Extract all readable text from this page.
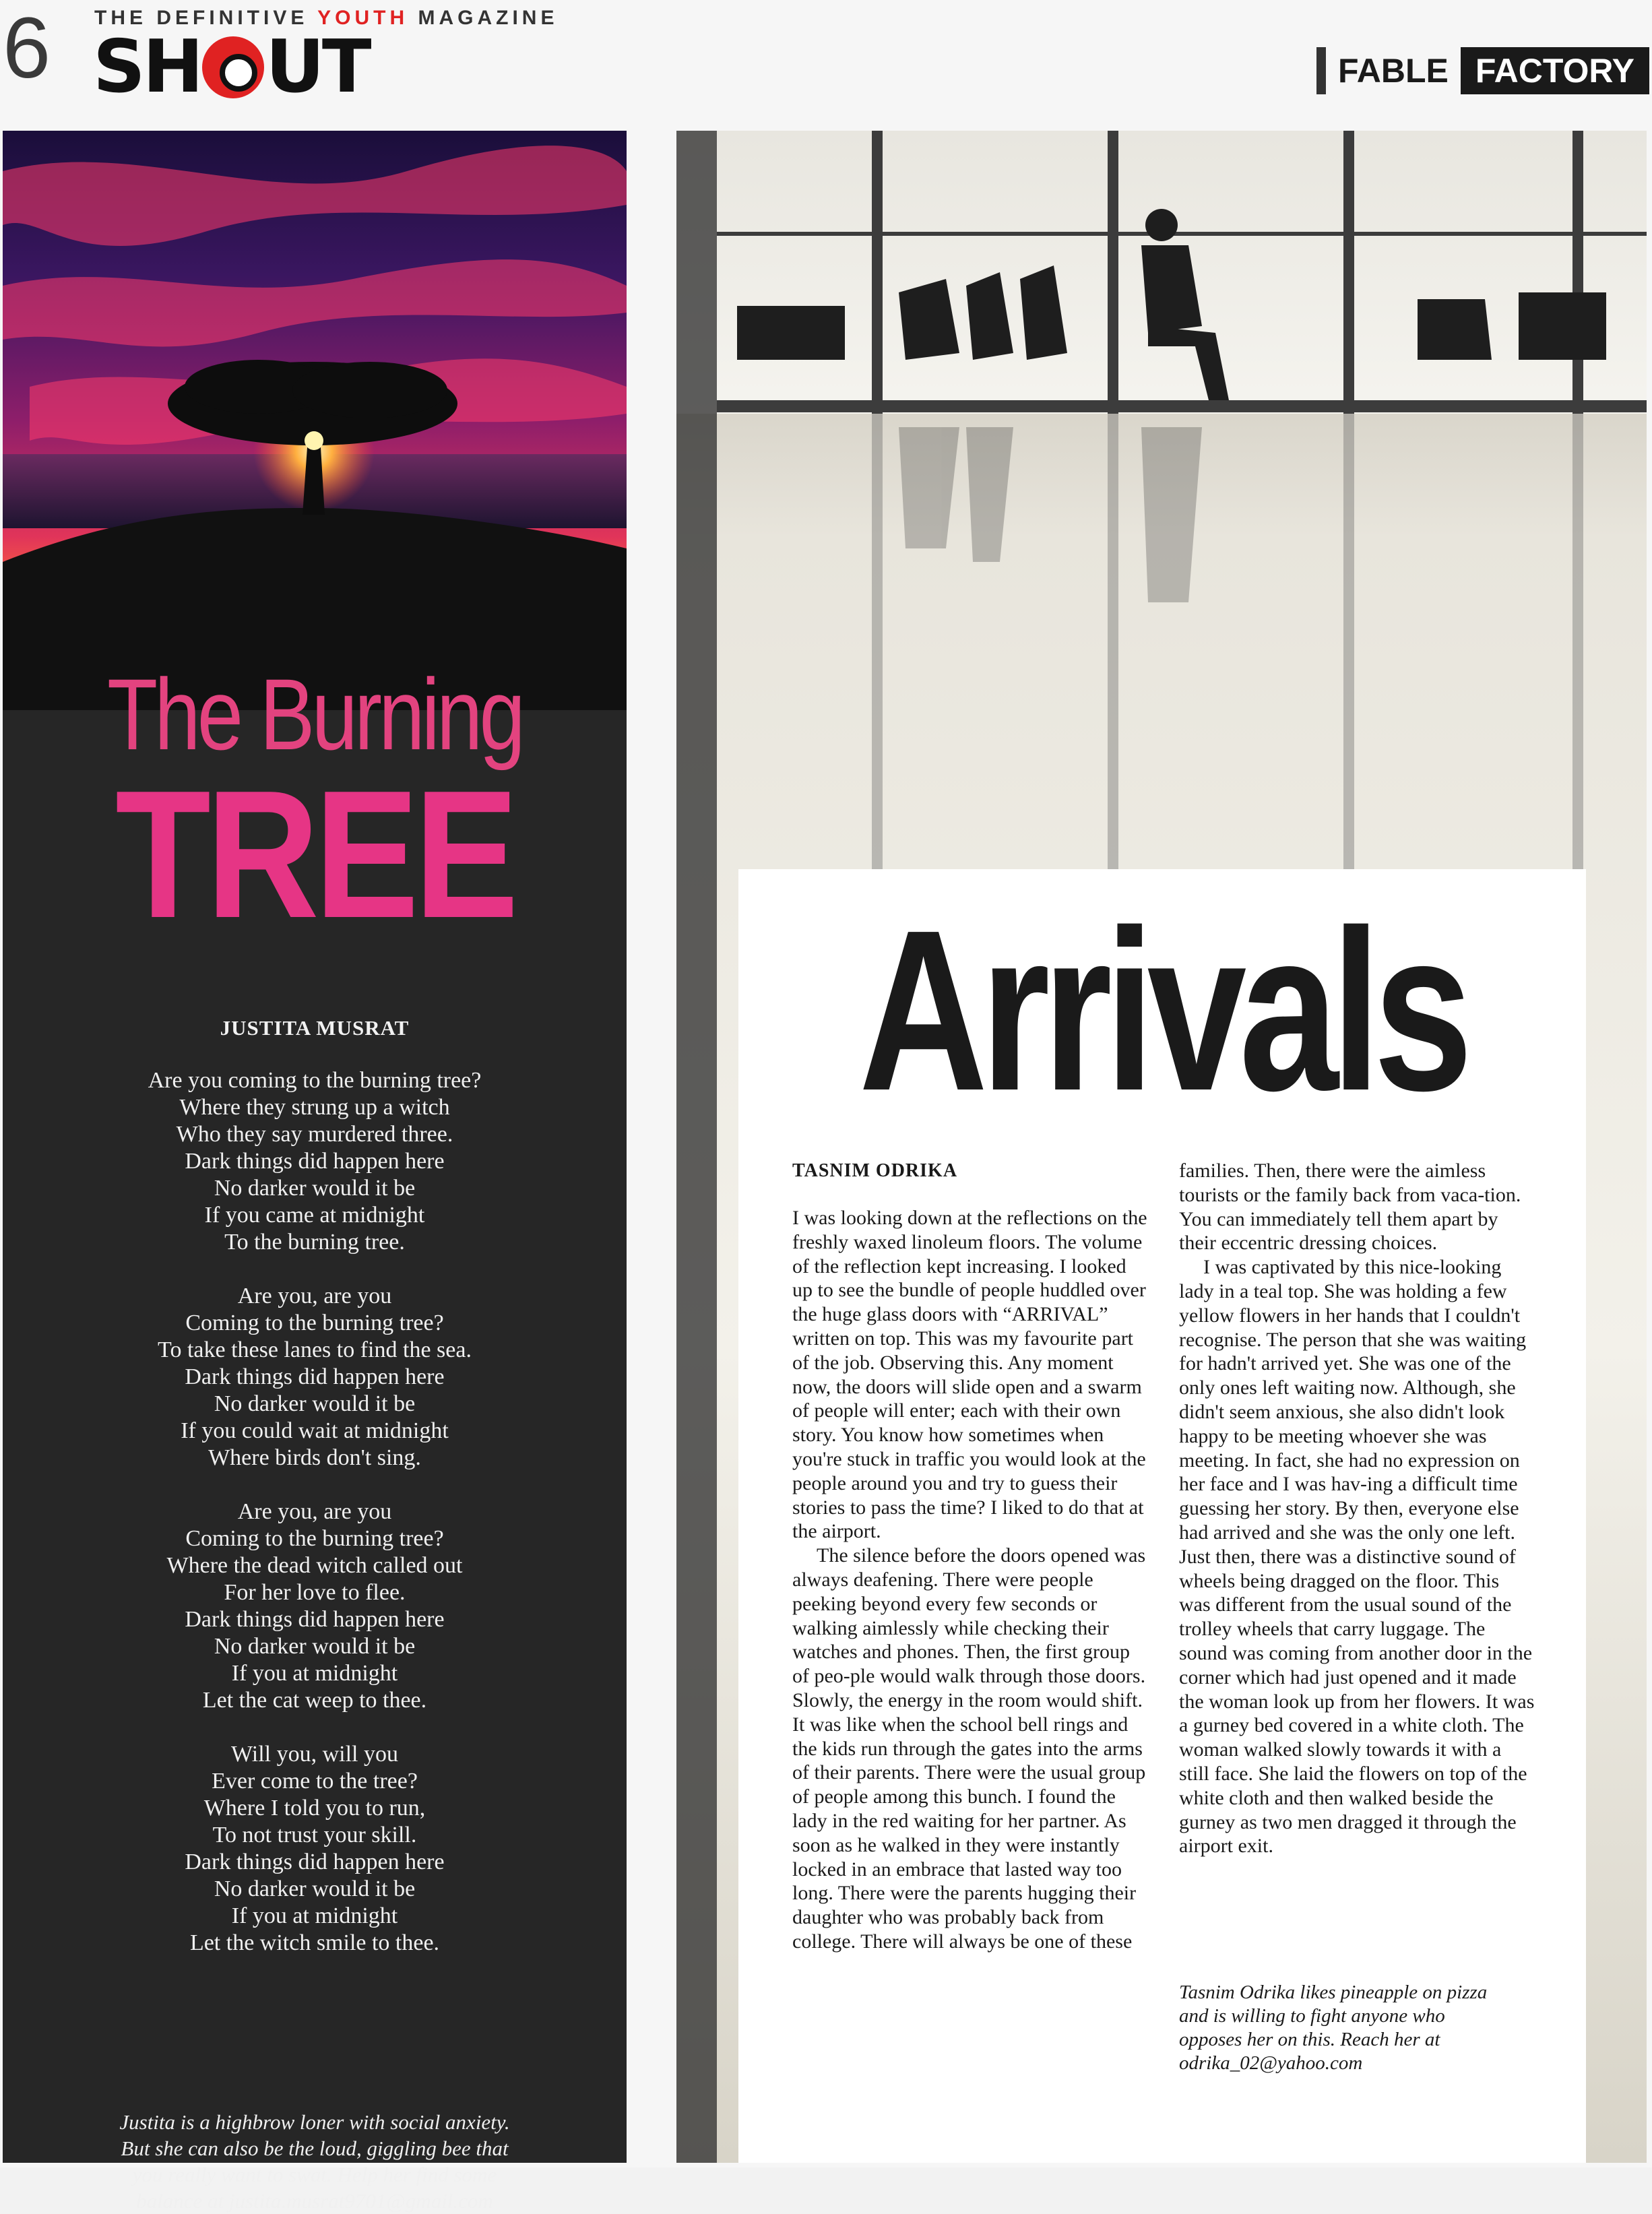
6 THE DEFINITIVE YOUTH MAGAZINE
SH UT	FABLE FACTORY
The Burning
TREE
JUSTITA MUSRAT
Are you coming to the burning tree?
Where they strung up a witch
Who they say murdered three.
Dark things did happen here
No darker would it be
If you came at midnight
To the burning tree.
Are you, are you
Coming to the burning tree?
To take these lanes to find the sea.
Dark things did happen here
No darker would it be
If you could wait at midnight
Where birds don't sing.
Are you, are you
Coming to the burning tree?
Where the dead witch called out
For her love to flee.
Dark things did happen here
No darker would it be
If you at midnight
Let the cat weep to thee.
Will you, will you
Ever come to the tree?
Where I told you to run,
To not trust your skill.
Dark things did happen here
No darker would it be
If you at midnight
Let the witch smile to thee.
Justita is a highbrow loner with social anxiety.
But she can also be the loud, giggling bee that
you really want to swat. Help her find some
balance at justita.musrat9701@gmail.com
Arrivals
TASNIM ODRIKA

I was looking down at the reflections on the freshly waxed linoleum floors. The volume of the reflection kept increasing. I looked up to see the bundle of people huddled over the huge glass doors with “ARRIVAL” written on top. This was my favourite part of the job. Observing this. Any moment now, the doors will slide open and a swarm of people will enter; each with their own story. You know how sometimes when you're stuck in traffic you would look at the people around you and try to guess their stories to pass the time? I liked to do that at the airport.

The silence before the doors opened was always deafening. There were people peeking beyond every few seconds or walking aimlessly while checking their watches and phones. Then, the first group of peo-ple would walk through those doors. Slowly, the energy in the room would shift. It was like when the school bell rings and the kids run through the gates into the arms of their parents. There were the usual group of people among this bunch. I found the lady in the red waiting for her partner. As soon as he walked in they were instantly locked in an embrace that lasted way too long. There were the parents hugging their daughter who was probably back from college. There will always be one of these

families. Then, there were the aimless tourists or the family back from vaca-tion. You can immediately tell them apart by their eccentric dressing choices.

I was captivated by this nice-looking lady in a teal top. She was holding a few yellow flowers in her hands that I couldn't recognise. The person that she was waiting for hadn't arrived yet. She was one of the only ones left waiting now. Although, she didn't seem anxious, she also didn't look happy to be meeting whoever she was meeting. In fact, she had no expression on her face and I was hav-ing a difficult time guessing her story. By then, everyone else had arrived and she was the only one left. Just then, there was a distinctive sound of wheels being dragged on the floor. This was different from the usual sound of the trolley wheels that carry luggage. The sound was coming from another door in the corner which had just opened and it made the woman look up from her flowers. It was a gurney bed covered in a white cloth. The woman walked slowly towards it with a still face. She laid the flowers on top of the white cloth and then walked beside the gurney as two men dragged it through the airport exit.

Tasnim Odrika likes pineapple on pizza
and is willing to fight anyone who
opposes her on this. Reach her at
odrika_02@yahoo.com
